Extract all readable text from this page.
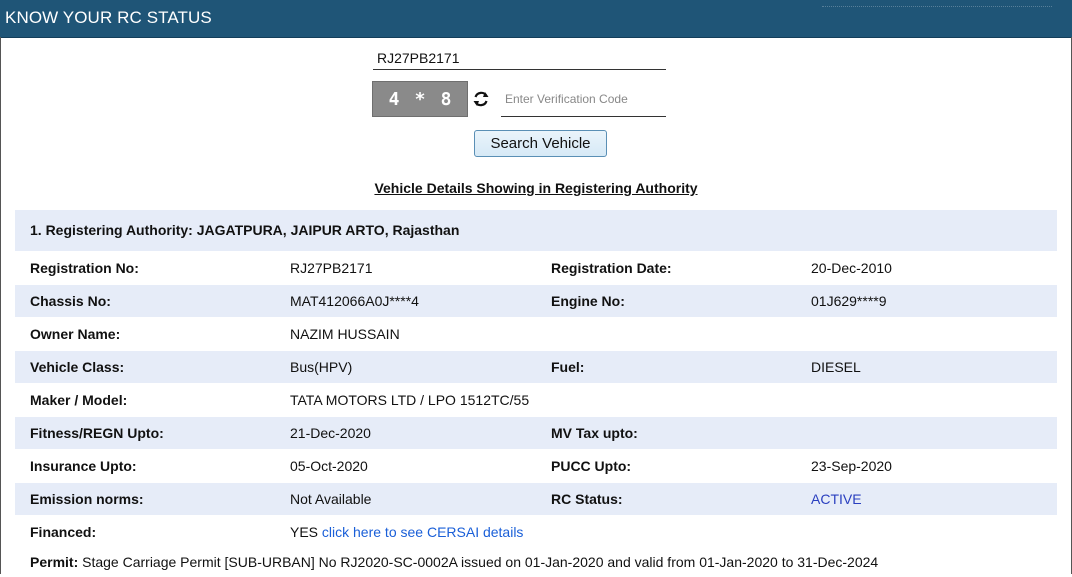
KNOW YOUR RC STATUS
RJ27PB2171
4 * 8	Enter Verification Code
Search Vehicle
Vehicle Details Showing in Registering Authority
1. Registering Authority: JAGATPURA, JAIPUR ARTO, Rajasthan
Registration No:	RJ27PB2171	Registration Date:	20-Dec-2010
Chassis No:	MAT412066A0J****4	Engine No:	01J629****9
Owner Name:	NAZIM HUSSAIN
Vehicle Class:	Bus(HPV)	Fuel:	DIESEL
Maker / Model:	TATA MOTORS LTD / LPO 1512TC/55
Fitness/REGN Upto:	21-Dec-2020	MV Tax upto:
Insurance Upto:	05-Oct-2020	PUCC Upto:	23-Sep-2020
Emission norms:	Not Available	RC Status:	ACTIVE
Financed:	YES click here to see CERSAI details
Permit: Stage Carriage Permit [SUB-URBAN] No RJ2020-SC-0002A issued on 01-Jan-2020 and valid from 01-Jan-2020 to 31-Dec-2024
